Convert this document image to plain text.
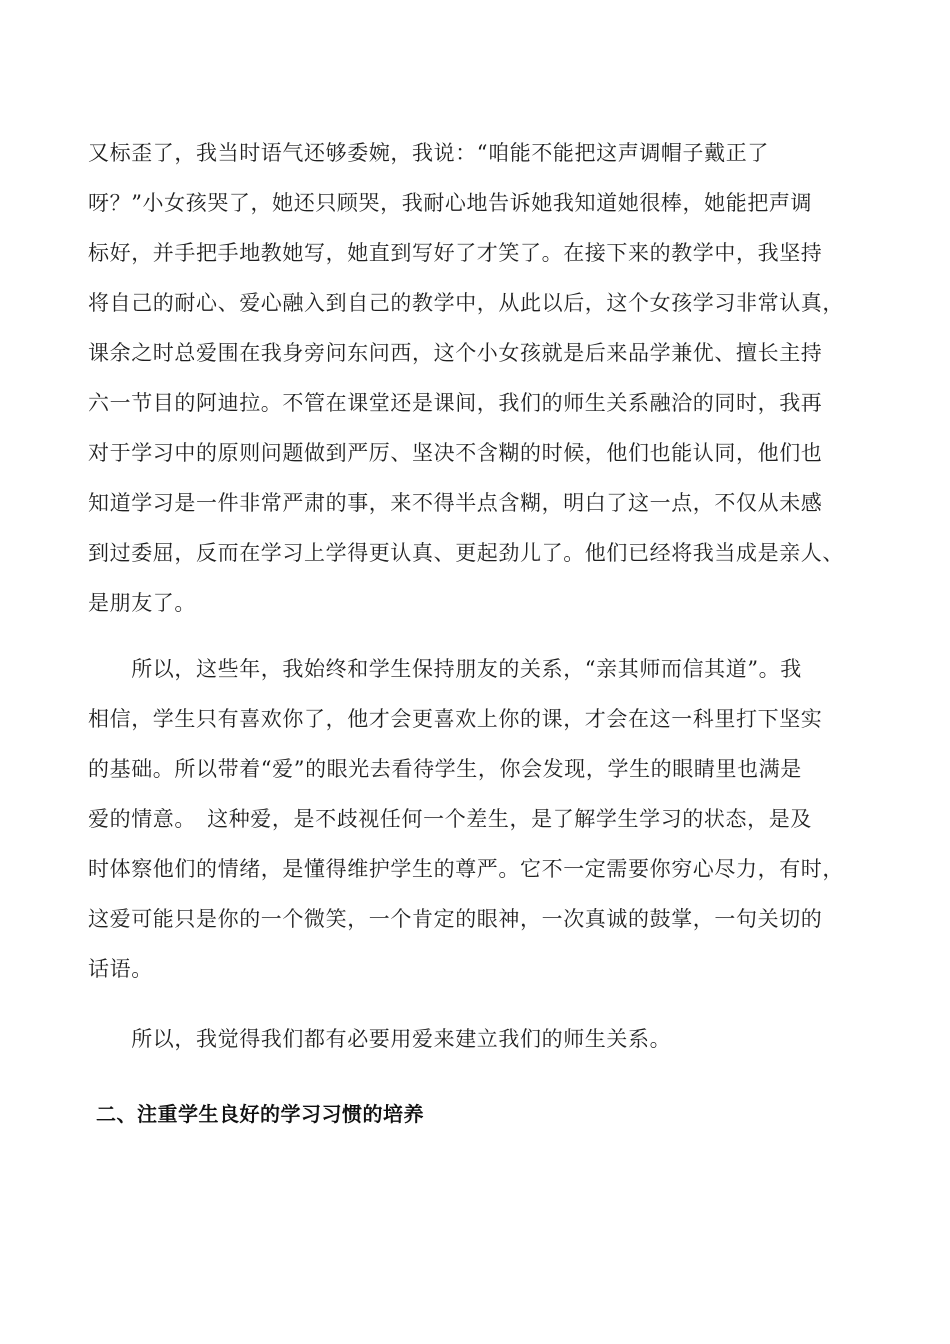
又标歪了，我当时语气还够委婉，我说：“咱能不能把这声调帽子戴正了
呀？”小女孩哭了，她还只顾哭，我耐心地告诉她我知道她很棒，她能把声调
标好，并手把手地教她写，她直到写好了才笑了。在接下来的教学中，我坚持
将自己的耐心、爱心融入到自己的教学中，从此以后，这个女孩学习非常认真，
课余之时总爱围在我身旁问东问西，这个小女孩就是后来品学兼优、擅长主持
六一节目的阿迪拉。不管在课堂还是课间，我们的师生关系融洽的同时，我再
对于学习中的原则问题做到严厉、坚决不含糊的时候，他们也能认同，他们也
知道学习是一件非常严肃的事，来不得半点含糊，明白了这一点，不仅从未感
到过委屈，反而在学习上学得更认真、更起劲儿了。他们已经将我当成是亲人、
是朋友了。

　　所以，这些年，我始终和学生保持朋友的关系，“亲其师而信其道”。我
相信，学生只有喜欢你了，他才会更喜欢上你的课，才会在这一科里打下坚实
的基础。所以带着“爱”的眼光去看待学生，你会发现，学生的眼睛里也满是
爱的情意。　这种爱，是不歧视任何一个差生，是了解学生学习的状态，是及
时体察他们的情绪，是懂得维护学生的尊严。它不一定需要你穷心尽力，有时，
这爱可能只是你的一个微笑，一个肯定的眼神，一次真诚的鼓掌，一句关切的
话语。

　　所以，我觉得我们都有必要用爱来建立我们的师生关系。

二、注重学生良好的学习习惯的培养
